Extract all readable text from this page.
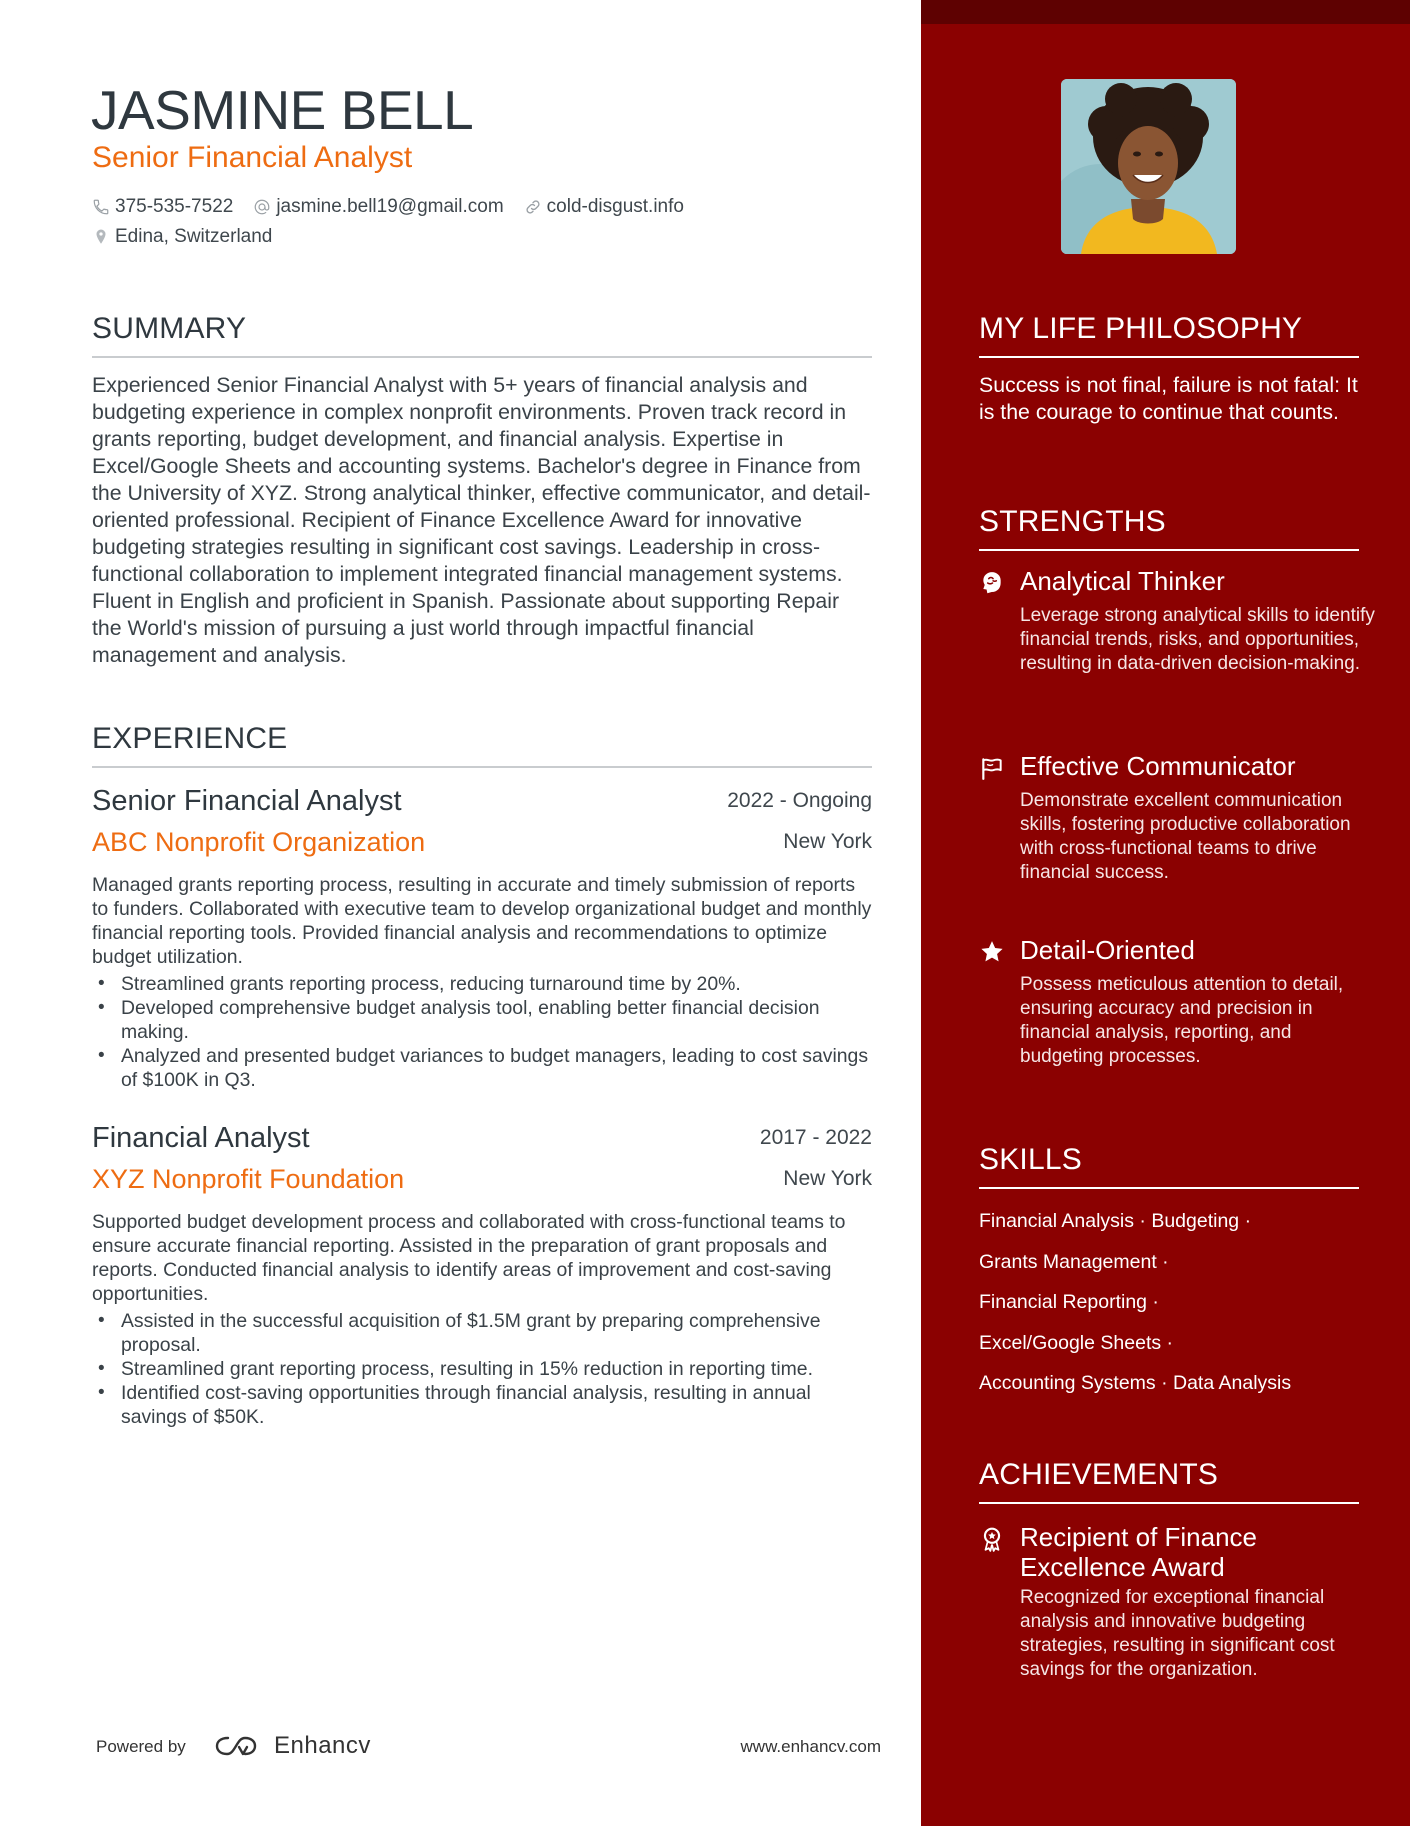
JASMINE BELL
Senior Financial Analyst
375-535-7522 jasmine.bell19@gmail.com cold-disgust.info
Edina, Switzerland
SUMMARY
Experienced Senior Financial Analyst with 5+ years of financial analysis and budgeting experience in complex nonprofit environments. Proven track record in grants reporting, budget development, and financial analysis. Expertise in Excel/Google Sheets and accounting systems. Bachelor's degree in Finance from the University of XYZ. Strong analytical thinker, effective communicator, and detail-oriented professional. Recipient of Finance Excellence Award for innovative budgeting strategies resulting in significant cost savings. Leadership in cross-functional collaboration to implement integrated financial management systems. Fluent in English and proficient in Spanish. Passionate about supporting Repair the World's mission of pursuing a just world through impactful financial management and analysis.
EXPERIENCE
Senior Financial Analyst	2022 - Ongoing
ABC Nonprofit Organization	New York
Managed grants reporting process, resulting in accurate and timely submission of reports to funders. Collaborated with executive team to develop organizational budget and monthly financial reporting tools. Provided financial analysis and recommendations to optimize budget utilization.
• Streamlined grants reporting process, reducing turnaround time by 20%.
• Developed comprehensive budget analysis tool, enabling better financial decision making.
• Analyzed and presented budget variances to budget managers, leading to cost savings of $100K in Q3.
Financial Analyst	2017 - 2022
XYZ Nonprofit Foundation	New York
Supported budget development process and collaborated with cross-functional teams to ensure accurate financial reporting. Assisted in the preparation of grant proposals and reports. Conducted financial analysis to identify areas of improvement and cost-saving opportunities.
• Assisted in the successful acquisition of $1.5M grant by preparing comprehensive proposal.
• Streamlined grant reporting process, resulting in 15% reduction in reporting time.
• Identified cost-saving opportunities through financial analysis, resulting in annual savings of $50K.
Powered by	Enhancv	www.enhancv.com
MY LIFE PHILOSOPHY
Success is not final, failure is not fatal: It is the courage to continue that counts.
STRENGTHS
Analytical Thinker
Leverage strong analytical skills to identify financial trends, risks, and opportunities, resulting in data-driven decision-making.
Effective Communicator
Demonstrate excellent communication skills, fostering productive collaboration with cross-functional teams to drive financial success.
Detail-Oriented
Possess meticulous attention to detail, ensuring accuracy and precision in financial analysis, reporting, and budgeting processes.
SKILLS
Financial Analysis · Budgeting ·
Grants Management ·
Financial Reporting ·
Excel/Google Sheets ·
Accounting Systems · Data Analysis
ACHIEVEMENTS
Recipient of Finance Excellence Award
Recognized for exceptional financial analysis and innovative budgeting strategies, resulting in significant cost savings for the organization.
